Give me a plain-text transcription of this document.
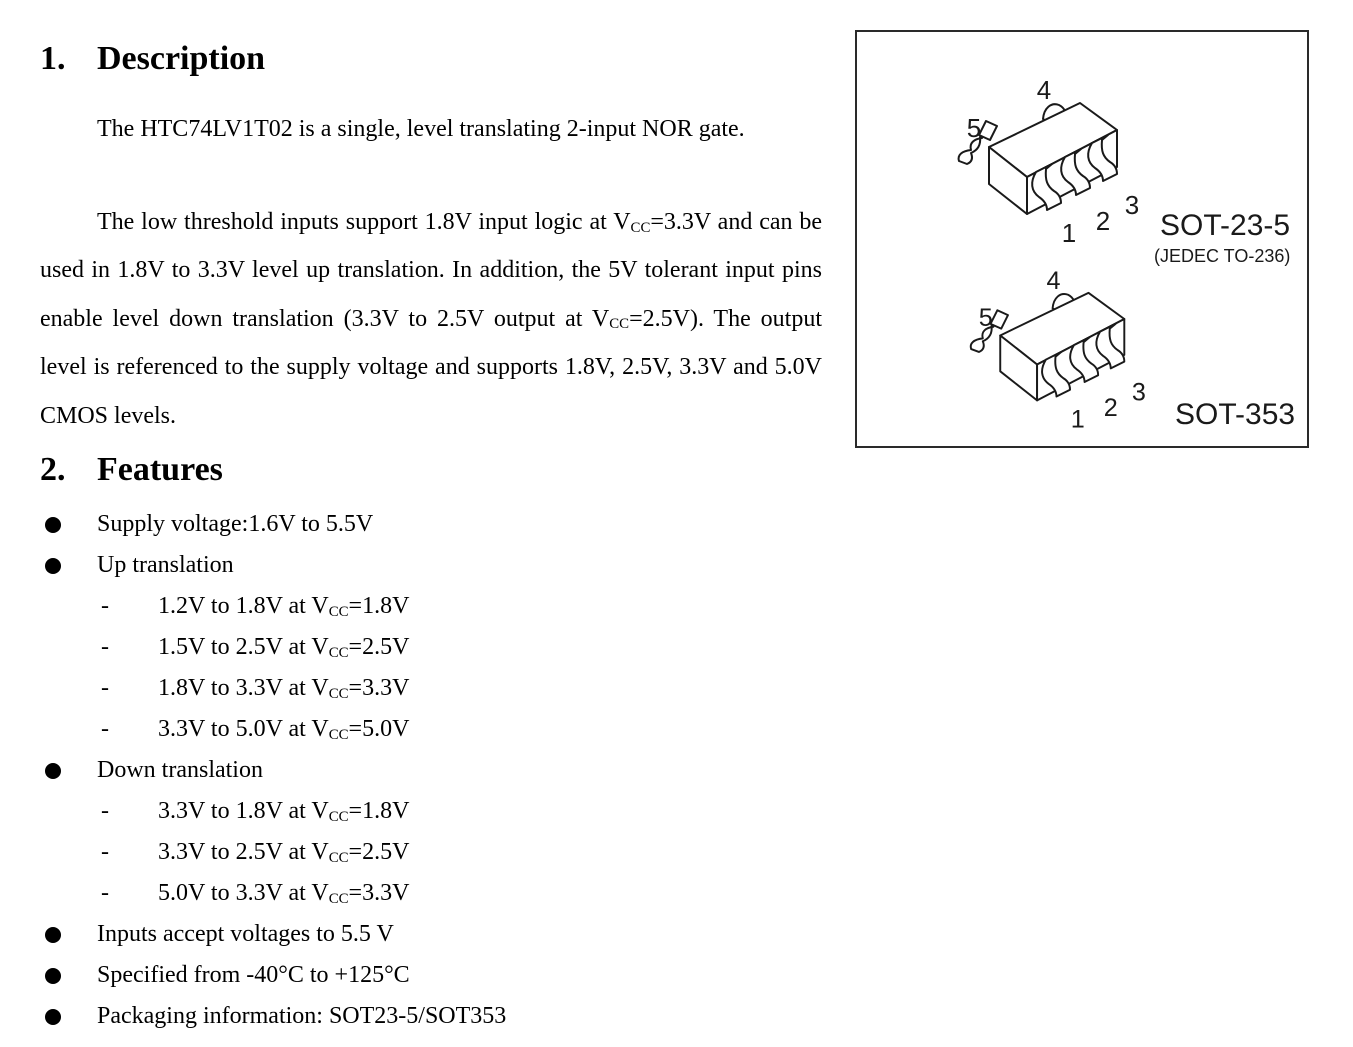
1. Description

The HTC74LV1T02 is a single, level translating 2-input NOR gate.

The low threshold inputs support 1.8V input logic at $V_{CC}=3.3V$ and can be used in 1.8V to 3.3V level up translation. In addition, the 5V tolerant input pins enable level down translation (3.3V to 2.5V output at $V_{CC}=2.5V$). The output level is referenced to the supply voltage and supports 1.8V, 2.5V, 3.3V and 5.0V CMOS levels.

2. Features
Supply voltage:1.6V to 5.5V
Up translation
-	1.2V to 1.8V at $V_{CC}=1.8V$
-	1.5V to 2.5V at $V_{CC}=2.5V$
-	1.8V to 3.3V at $V_{CC}=3.3V$
-	3.3V to 5.0V at $V_{CC}=5.0V$
Down translation
-	3.3V to 1.8V at $V_{CC}=1.8V$
-	3.3V to 2.5V at $V_{CC}=2.5V$
-	5.0V to 3.3V at $V_{CC}=3.3V$
Inputs accept voltages to 5.5 V
Specified from -40°C to +125°C
Packaging information: SOT23-5/SOT353
4
5
1 2
3
4
5
1 2
3
SOT-23-5
(JEDEC TO-236)
SOT-353
